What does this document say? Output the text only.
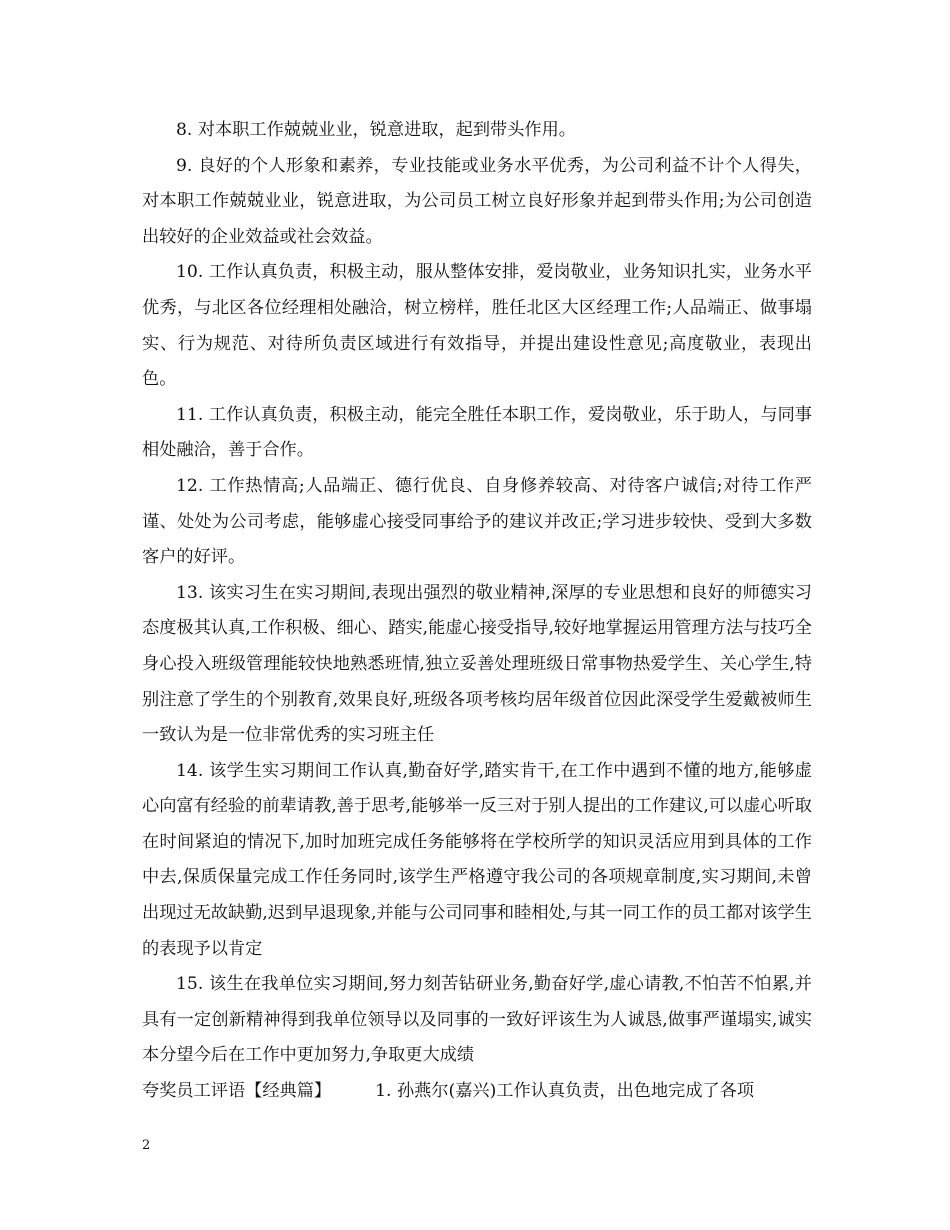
8. 对本职工作兢兢业业，锐意进取，起到带头作用。

9. 良好的个人形象和素养，专业技能或业务水平优秀，为公司利益不计个人得失，对本职工作兢兢业业，锐意进取，为公司员工树立良好形象并起到带头作用;为公司创造出较好的企业效益或社会效益。

10. 工作认真负责，积极主动，服从整体安排，爱岗敬业，业务知识扎实，业务水平优秀，与北区各位经理相处融洽，树立榜样，胜任北区大区经理工作;人品端正、做事塌实、行为规范、对待所负责区域进行有效指导，并提出建设性意见;高度敬业，表现出色。

11. 工作认真负责，积极主动，能完全胜任本职工作，爱岗敬业，乐于助人，与同事相处融洽，善于合作。

12. 工作热情高;人品端正、德行优良、自身修养较高、对待客户诚信;对待工作严谨、处处为公司考虑，能够虚心接受同事给予的建议并改正;学习进步较快、受到大多数客户的好评。

13. 该实习生在实习期间,表现出强烈的敬业精神,深厚的专业思想和良好的师德实习态度极其认真,工作积极、细心、踏实,能虚心接受指导,较好地掌握运用管理方法与技巧全身心投入班级管理能较快地熟悉班情,独立妥善处理班级日常事物热爱学生、关心学生,特别注意了学生的个别教育,效果良好,班级各项考核均居年级首位因此深受学生爱戴被师生一致认为是一位非常优秀的实习班主任

14. 该学生实习期间工作认真,勤奋好学,踏实肯干,在工作中遇到不懂的地方,能够虚心向富有经验的前辈请教,善于思考,能够举一反三对于别人提出的工作建议,可以虚心听取在时间紧迫的情况下,加时加班完成任务能够将在学校所学的知识灵活应用到具体的工作中去,保质保量完成工作任务同时,该学生严格遵守我公司的各项规章制度,实习期间,未曾出现过无故缺勤,迟到早退现象,并能与公司同事和睦相处,与其一同工作的员工都对该学生的表现予以肯定

15. 该生在我单位实习期间,努力刻苦钻研业务,勤奋好学,虚心请教,不怕苦不怕累,并具有一定创新精神得到我单位领导以及同事的一致好评该生为人诚恳,做事严谨塌实,诚实本分望今后在工作中更加努力,争取更大成绩

夸奖员工评语【经典篇】	1. 孙燕尔(嘉兴)工作认真负责，出色地完成了各项

2
